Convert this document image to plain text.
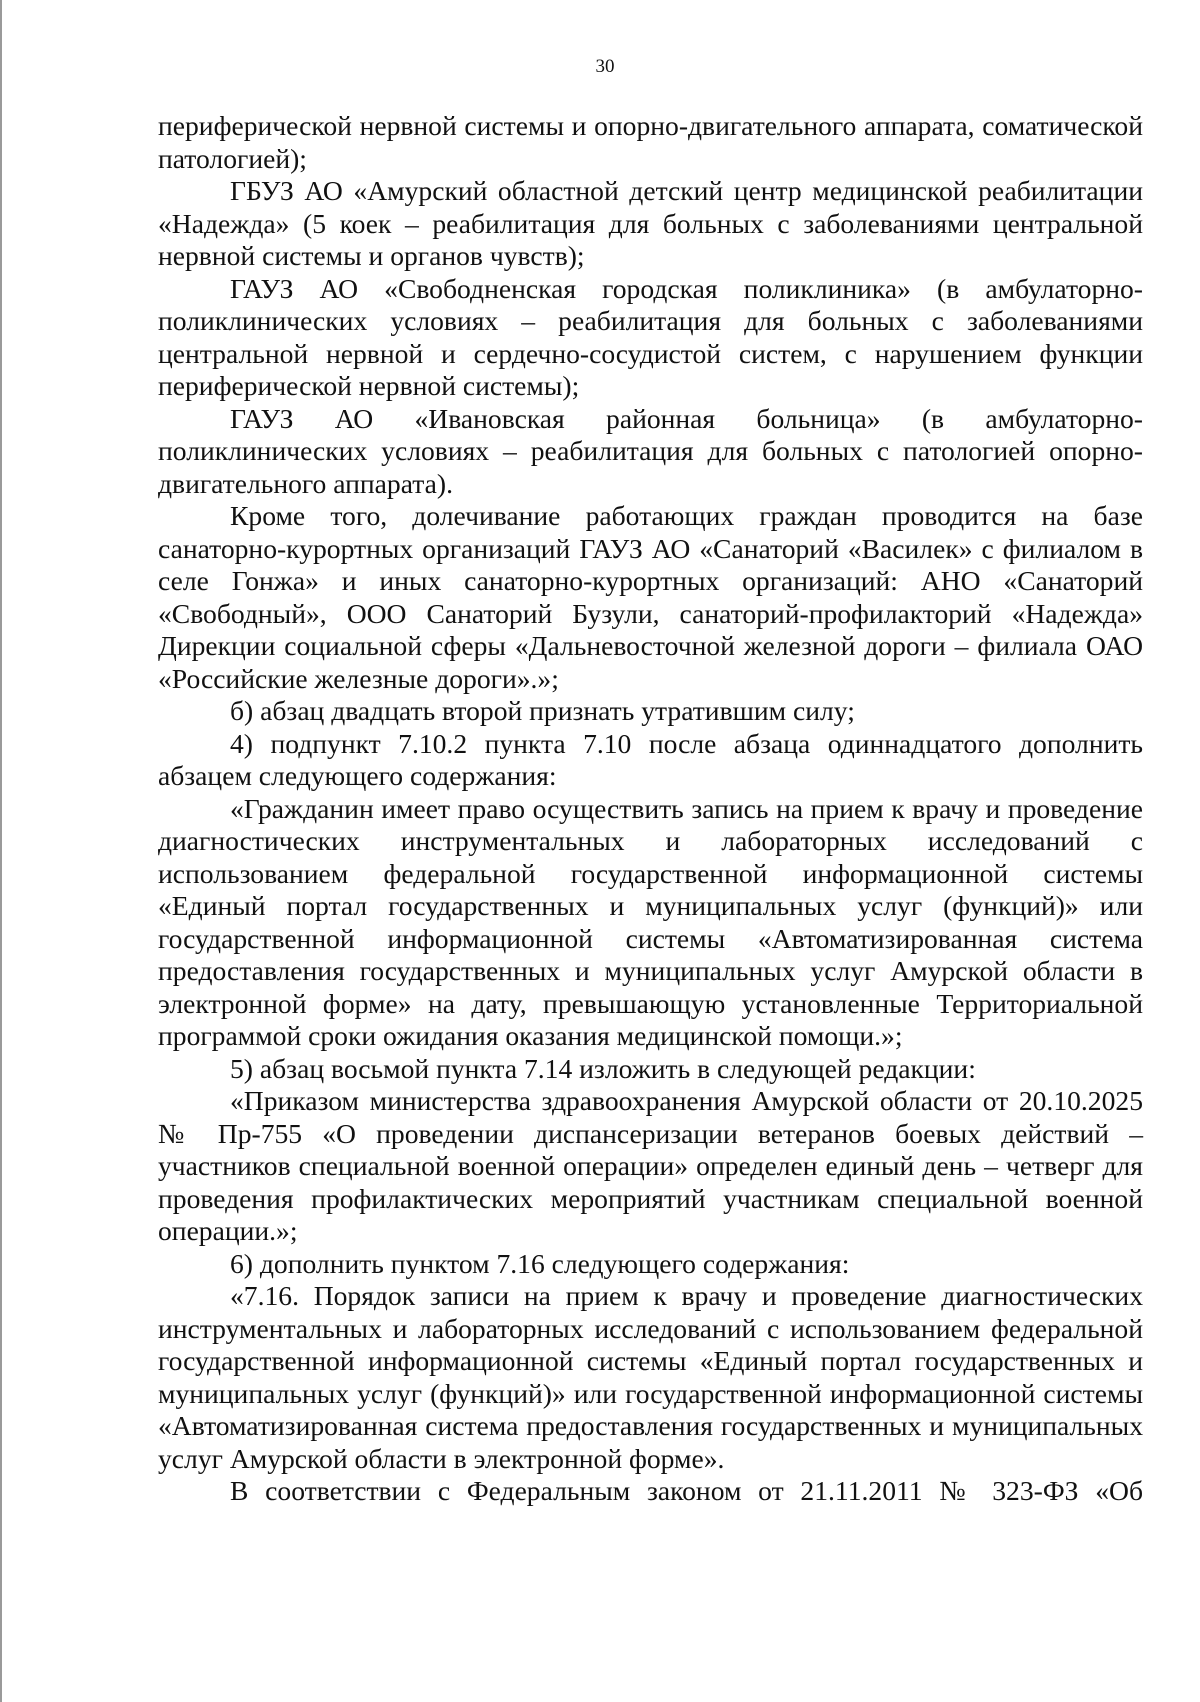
30

периферической нервной системы и опорно-двигательного аппарата, соматической патологией);

ГБУЗ АО «Амурский областной детский центр медицинской реабилитации «Надежда» (5 коек – реабилитация для больных с заболеваниями центральной нервной системы и органов чувств);

ГАУЗ АО «Свободненская городская поликлиника» (в амбулаторно-поликлинических условиях – реабилитация для больных с заболеваниями центральной нервной и сердечно-сосудистой систем, с нарушением функции периферической нервной системы);

ГАУЗ АО «Ивановская районная больница» (в амбулаторно-поликлинических условиях – реабилитация для больных с патологией опорно-двигательного аппарата).

Кроме того, долечивание работающих граждан проводится на базе санаторно-курортных организаций ГАУЗ АО «Санаторий «Василек» с филиалом в селе Гонжа» и иных санаторно-курортных организаций: АНО «Санаторий «Свободный», ООО Санаторий Бузули, санаторий-профилакторий «Надежда» Дирекции социальной сферы «Дальневосточной железной дороги – филиала ОАО «Российские железные дороги».»;

б) абзац двадцать второй признать утратившим силу;

4) подпункт 7.10.2 пункта 7.10 после абзаца одиннадцатого дополнить абзацем следующего содержания:

«Гражданин имеет право осуществить запись на прием к врачу и проведение диагностических инструментальных и лабораторных исследований с использованием федеральной государственной информационной системы «Единый портал государственных и муниципальных услуг (функций)» или государственной информационной системы «Автоматизированная система предоставления государственных и муниципальных услуг Амурской области в электронной форме» на дату, превышающую установленные Территориальной программой сроки ожидания оказания медицинской помощи.»;

5) абзац восьмой пункта 7.14 изложить в следующей редакции:

«Приказом министерства здравоохранения Амурской области от 20.10.2025 № Пр-755 «О проведении диспансеризации ветеранов боевых действий – участников специальной военной операции» определен единый день – четверг для проведения профилактических мероприятий участникам специальной военной операции.»;

6) дополнить пунктом 7.16 следующего содержания:

«7.16. Порядок записи на прием к врачу и проведение диагностических инструментальных и лабораторных исследований с использованием федеральной государственной информационной системы «Единый портал государственных и муниципальных услуг (функций)» или государственной информационной системы «Автоматизированная система предоставления государственных и муниципальных услуг Амурской области в электронной форме».

В соответствии с Федеральным законом от 21.11.2011 № 323-ФЗ «Об
